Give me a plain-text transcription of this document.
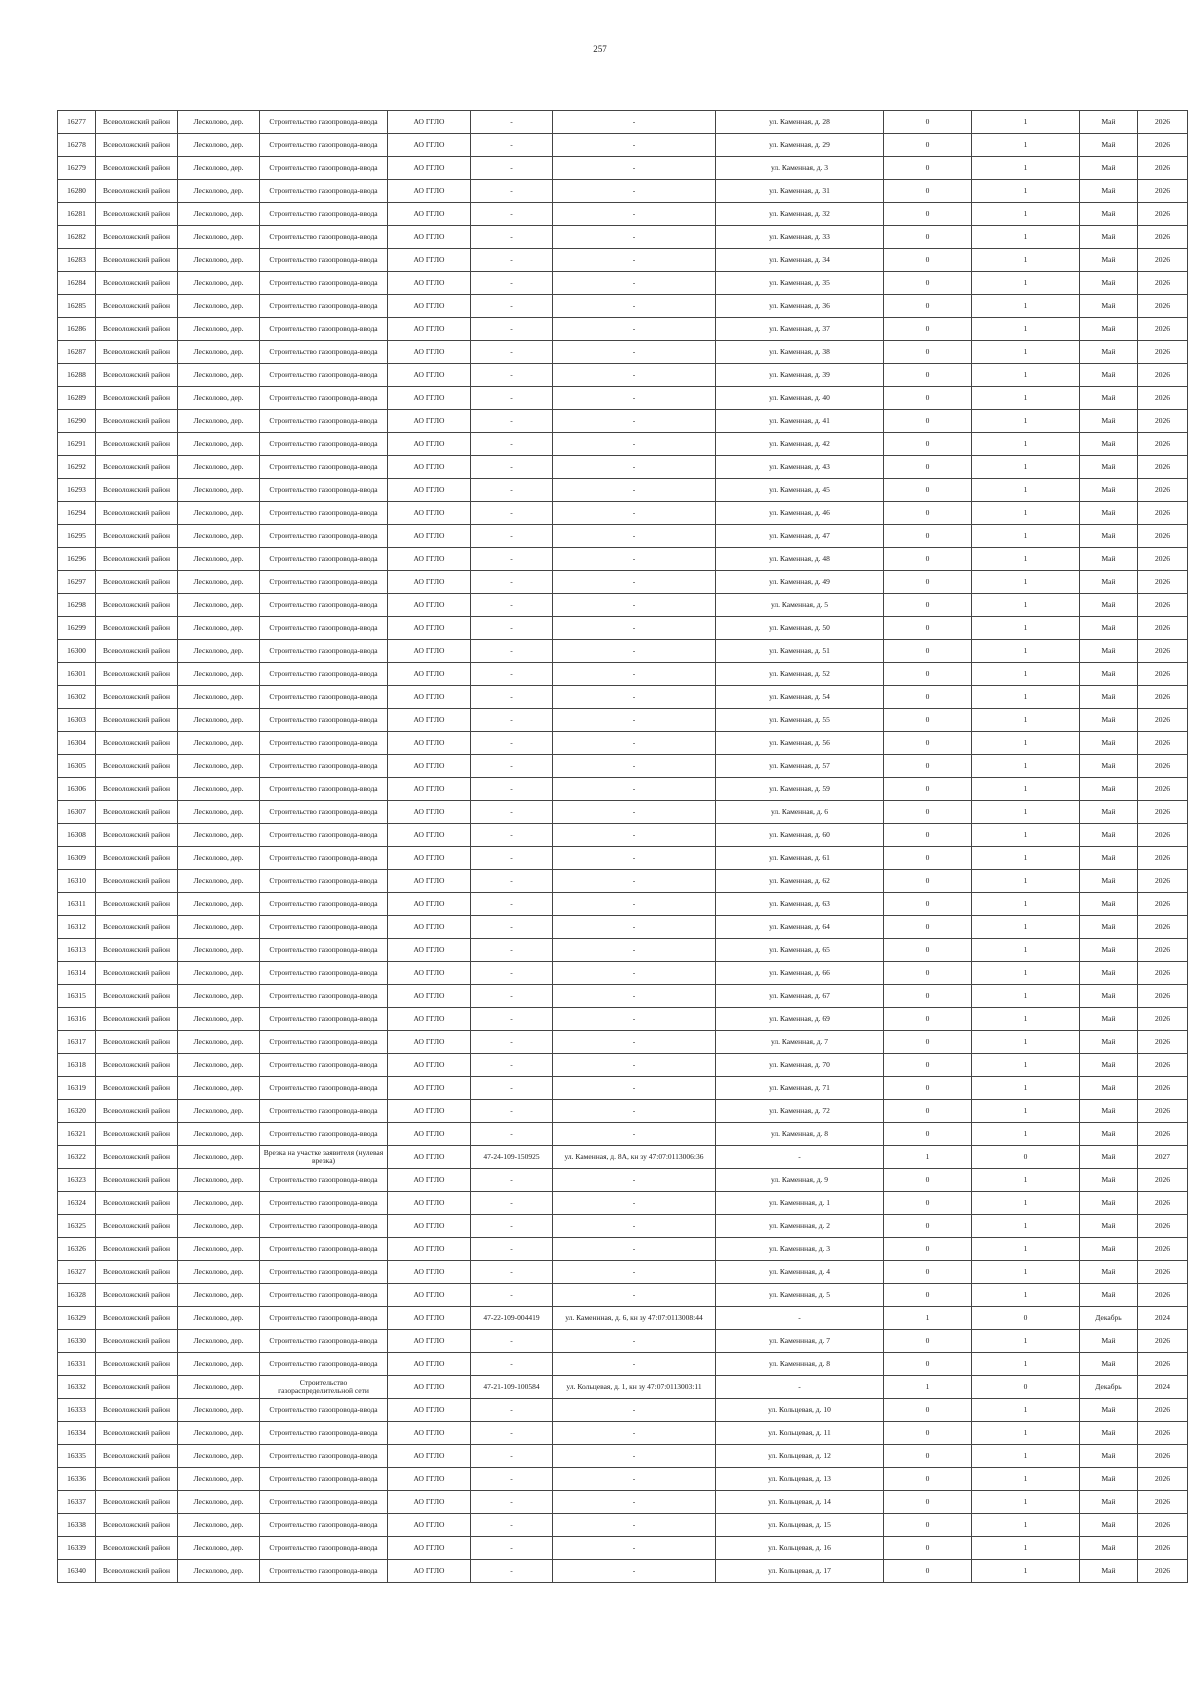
257
16277	Всеволожский район	Лесколово, дер.	Строительство газопровода-ввода	АО ГГЛО	-	-	ул. Каменная, д. 28	0	1	Май	2026
16278	Всеволожский район	Лесколово, дер.	Строительство газопровода-ввода	АО ГГЛО	-	-	ул. Каменная, д. 29	0	1	Май	2026
16279	Всеволожский район	Лесколово, дер.	Строительство газопровода-ввода	АО ГГЛО	-	-	ул. Каменная, д. 3	0	1	Май	2026
16280	Всеволожский район	Лесколово, дер.	Строительство газопровода-ввода	АО ГГЛО	-	-	ул. Каменная, д. 31	0	1	Май	2026
16281	Всеволожский район	Лесколово, дер.	Строительство газопровода-ввода	АО ГГЛО	-	-	ул. Каменная, д. 32	0	1	Май	2026
16282	Всеволожский район	Лесколово, дер.	Строительство газопровода-ввода	АО ГГЛО	-	-	ул. Каменная, д. 33	0	1	Май	2026
16283	Всеволожский район	Лесколово, дер.	Строительство газопровода-ввода	АО ГГЛО	-	-	ул. Каменная, д. 34	0	1	Май	2026
16284	Всеволожский район	Лесколово, дер.	Строительство газопровода-ввода	АО ГГЛО	-	-	ул. Каменная, д. 35	0	1	Май	2026
16285	Всеволожский район	Лесколово, дер.	Строительство газопровода-ввода	АО ГГЛО	-	-	ул. Каменная, д. 36	0	1	Май	2026
16286	Всеволожский район	Лесколово, дер.	Строительство газопровода-ввода	АО ГГЛО	-	-	ул. Каменная, д. 37	0	1	Май	2026
16287	Всеволожский район	Лесколово, дер.	Строительство газопровода-ввода	АО ГГЛО	-	-	ул. Каменная, д. 38	0	1	Май	2026
16288	Всеволожский район	Лесколово, дер.	Строительство газопровода-ввода	АО ГГЛО	-	-	ул. Каменная, д. 39	0	1	Май	2026
16289	Всеволожский район	Лесколово, дер.	Строительство газопровода-ввода	АО ГГЛО	-	-	ул. Каменная, д. 40	0	1	Май	2026
16290	Всеволожский район	Лесколово, дер.	Строительство газопровода-ввода	АО ГГЛО	-	-	ул. Каменная, д. 41	0	1	Май	2026
16291	Всеволожский район	Лесколово, дер.	Строительство газопровода-ввода	АО ГГЛО	-	-	ул. Каменная, д. 42	0	1	Май	2026
16292	Всеволожский район	Лесколово, дер.	Строительство газопровода-ввода	АО ГГЛО	-	-	ул. Каменная, д. 43	0	1	Май	2026
16293	Всеволожский район	Лесколово, дер.	Строительство газопровода-ввода	АО ГГЛО	-	-	ул. Каменная, д. 45	0	1	Май	2026
16294	Всеволожский район	Лесколово, дер.	Строительство газопровода-ввода	АО ГГЛО	-	-	ул. Каменная, д. 46	0	1	Май	2026
16295	Всеволожский район	Лесколово, дер.	Строительство газопровода-ввода	АО ГГЛО	-	-	ул. Каменная, д. 47	0	1	Май	2026
16296	Всеволожский район	Лесколово, дер.	Строительство газопровода-ввода	АО ГГЛО	-	-	ул. Каменная, д. 48	0	1	Май	2026
16297	Всеволожский район	Лесколово, дер.	Строительство газопровода-ввода	АО ГГЛО	-	-	ул. Каменная, д. 49	0	1	Май	2026
16298	Всеволожский район	Лесколово, дер.	Строительство газопровода-ввода	АО ГГЛО	-	-	ул. Каменная, д. 5	0	1	Май	2026
16299	Всеволожский район	Лесколово, дер.	Строительство газопровода-ввода	АО ГГЛО	-	-	ул. Каменная, д. 50	0	1	Май	2026
16300	Всеволожский район	Лесколово, дер.	Строительство газопровода-ввода	АО ГГЛО	-	-	ул. Каменная, д. 51	0	1	Май	2026
16301	Всеволожский район	Лесколово, дер.	Строительство газопровода-ввода	АО ГГЛО	-	-	ул. Каменная, д. 52	0	1	Май	2026
16302	Всеволожский район	Лесколово, дер.	Строительство газопровода-ввода	АО ГГЛО	-	-	ул. Каменная, д. 54	0	1	Май	2026
16303	Всеволожский район	Лесколово, дер.	Строительство газопровода-ввода	АО ГГЛО	-	-	ул. Каменная, д. 55	0	1	Май	2026
16304	Всеволожский район	Лесколово, дер.	Строительство газопровода-ввода	АО ГГЛО	-	-	ул. Каменная, д. 56	0	1	Май	2026
16305	Всеволожский район	Лесколово, дер.	Строительство газопровода-ввода	АО ГГЛО	-	-	ул. Каменная, д. 57	0	1	Май	2026
16306	Всеволожский район	Лесколово, дер.	Строительство газопровода-ввода	АО ГГЛО	-	-	ул. Каменная, д. 59	0	1	Май	2026
16307	Всеволожский район	Лесколово, дер.	Строительство газопровода-ввода	АО ГГЛО	-	-	ул. Каменная, д. 6	0	1	Май	2026
16308	Всеволожский район	Лесколово, дер.	Строительство газопровода-ввода	АО ГГЛО	-	-	ул. Каменная, д. 60	0	1	Май	2026
16309	Всеволожский район	Лесколово, дер.	Строительство газопровода-ввода	АО ГГЛО	-	-	ул. Каменная, д. 61	0	1	Май	2026
16310	Всеволожский район	Лесколово, дер.	Строительство газопровода-ввода	АО ГГЛО	-	-	ул. Каменная, д. 62	0	1	Май	2026
16311	Всеволожский район	Лесколово, дер.	Строительство газопровода-ввода	АО ГГЛО	-	-	ул. Каменная, д. 63	0	1	Май	2026
16312	Всеволожский район	Лесколово, дер.	Строительство газопровода-ввода	АО ГГЛО	-	-	ул. Каменная, д. 64	0	1	Май	2026
16313	Всеволожский район	Лесколово, дер.	Строительство газопровода-ввода	АО ГГЛО	-	-	ул. Каменная, д. 65	0	1	Май	2026
16314	Всеволожский район	Лесколово, дер.	Строительство газопровода-ввода	АО ГГЛО	-	-	ул. Каменная, д. 66	0	1	Май	2026
16315	Всеволожский район	Лесколово, дер.	Строительство газопровода-ввода	АО ГГЛО	-	-	ул. Каменная, д. 67	0	1	Май	2026
16316	Всеволожский район	Лесколово, дер.	Строительство газопровода-ввода	АО ГГЛО	-	-	ул. Каменная, д. 69	0	1	Май	2026
16317	Всеволожский район	Лесколово, дер.	Строительство газопровода-ввода	АО ГГЛО	-	-	ул. Каменная, д. 7	0	1	Май	2026
16318	Всеволожский район	Лесколово, дер.	Строительство газопровода-ввода	АО ГГЛО	-	-	ул. Каменная, д. 70	0	1	Май	2026
16319	Всеволожский район	Лесколово, дер.	Строительство газопровода-ввода	АО ГГЛО	-	-	ул. Каменная, д. 71	0	1	Май	2026
16320	Всеволожский район	Лесколово, дер.	Строительство газопровода-ввода	АО ГГЛО	-	-	ул. Каменная, д. 72	0	1	Май	2026
16321	Всеволожский район	Лесколово, дер.	Строительство газопровода-ввода	АО ГГЛО	-	-	ул. Каменная, д. 8	0	1	Май	2026
16322	Всеволожский район	Лесколово, дер.	Врезка на участке заявителя (нулевая врезка)	АО ГГЛО	47-24-109-150925	ул. Каменная, д. 8А, кн зу 47:07:0113006:36	-	1	0	Май	2027
16323	Всеволожский район	Лесколово, дер.	Строительство газопровода-ввода	АО ГГЛО	-	-	ул. Каменная, д. 9	0	1	Май	2026
16324	Всеволожский район	Лесколово, дер.	Строительство газопровода-ввода	АО ГГЛО	-	-	ул. Каменнная, д. 1	0	1	Май	2026
16325	Всеволожский район	Лесколово, дер.	Строительство газопровода-ввода	АО ГГЛО	-	-	ул. Каменнная, д. 2	0	1	Май	2026
16326	Всеволожский район	Лесколово, дер.	Строительство газопровода-ввода	АО ГГЛО	-	-	ул. Каменнная, д. 3	0	1	Май	2026
16327	Всеволожский район	Лесколово, дер.	Строительство газопровода-ввода	АО ГГЛО	-	-	ул. Каменнная, д. 4	0	1	Май	2026
16328	Всеволожский район	Лесколово, дер.	Строительство газопровода-ввода	АО ГГЛО	-	-	ул. Каменнная, д. 5	0	1	Май	2026
16329	Всеволожский район	Лесколово, дер.	Строительство газопровода-ввода	АО ГГЛО	47-22-109-004419	ул. Каменнная, д. 6, кн зу 47:07:0113008:44	-	1	0	Декабрь	2024
16330	Всеволожский район	Лесколово, дер.	Строительство газопровода-ввода	АО ГГЛО	-	-	ул. Каменнная, д. 7	0	1	Май	2026
16331	Всеволожский район	Лесколово, дер.	Строительство газопровода-ввода	АО ГГЛО	-	-	ул. Каменнная, д. 8	0	1	Май	2026
16332	Всеволожский район	Лесколово, дер.	Строительство газораспределительной сети	АО ГГЛО	47-21-109-100584	ул. Кольцевая, д. 1, кн зу 47:07:0113003:11	-	1	0	Декабрь	2024
16333	Всеволожский район	Лесколово, дер.	Строительство газопровода-ввода	АО ГГЛО	-	-	ул. Кольцевая, д. 10	0	1	Май	2026
16334	Всеволожский район	Лесколово, дер.	Строительство газопровода-ввода	АО ГГЛО	-	-	ул. Кольцевая, д. 11	0	1	Май	2026
16335	Всеволожский район	Лесколово, дер.	Строительство газопровода-ввода	АО ГГЛО	-	-	ул. Кольцевая, д. 12	0	1	Май	2026
16336	Всеволожский район	Лесколово, дер.	Строительство газопровода-ввода	АО ГГЛО	-	-	ул. Кольцевая, д. 13	0	1	Май	2026
16337	Всеволожский район	Лесколово, дер.	Строительство газопровода-ввода	АО ГГЛО	-	-	ул. Кольцевая, д. 14	0	1	Май	2026
16338	Всеволожский район	Лесколово, дер.	Строительство газопровода-ввода	АО ГГЛО	-	-	ул. Кольцевая, д. 15	0	1	Май	2026
16339	Всеволожский район	Лесколово, дер.	Строительство газопровода-ввода	АО ГГЛО	-	-	ул. Кольцевая, д. 16	0	1	Май	2026
16340	Всеволожский район	Лесколово, дер.	Строительство газопровода-ввода	АО ГГЛО	-	-	ул. Кольцевая, д. 17	0	1	Май	2026
